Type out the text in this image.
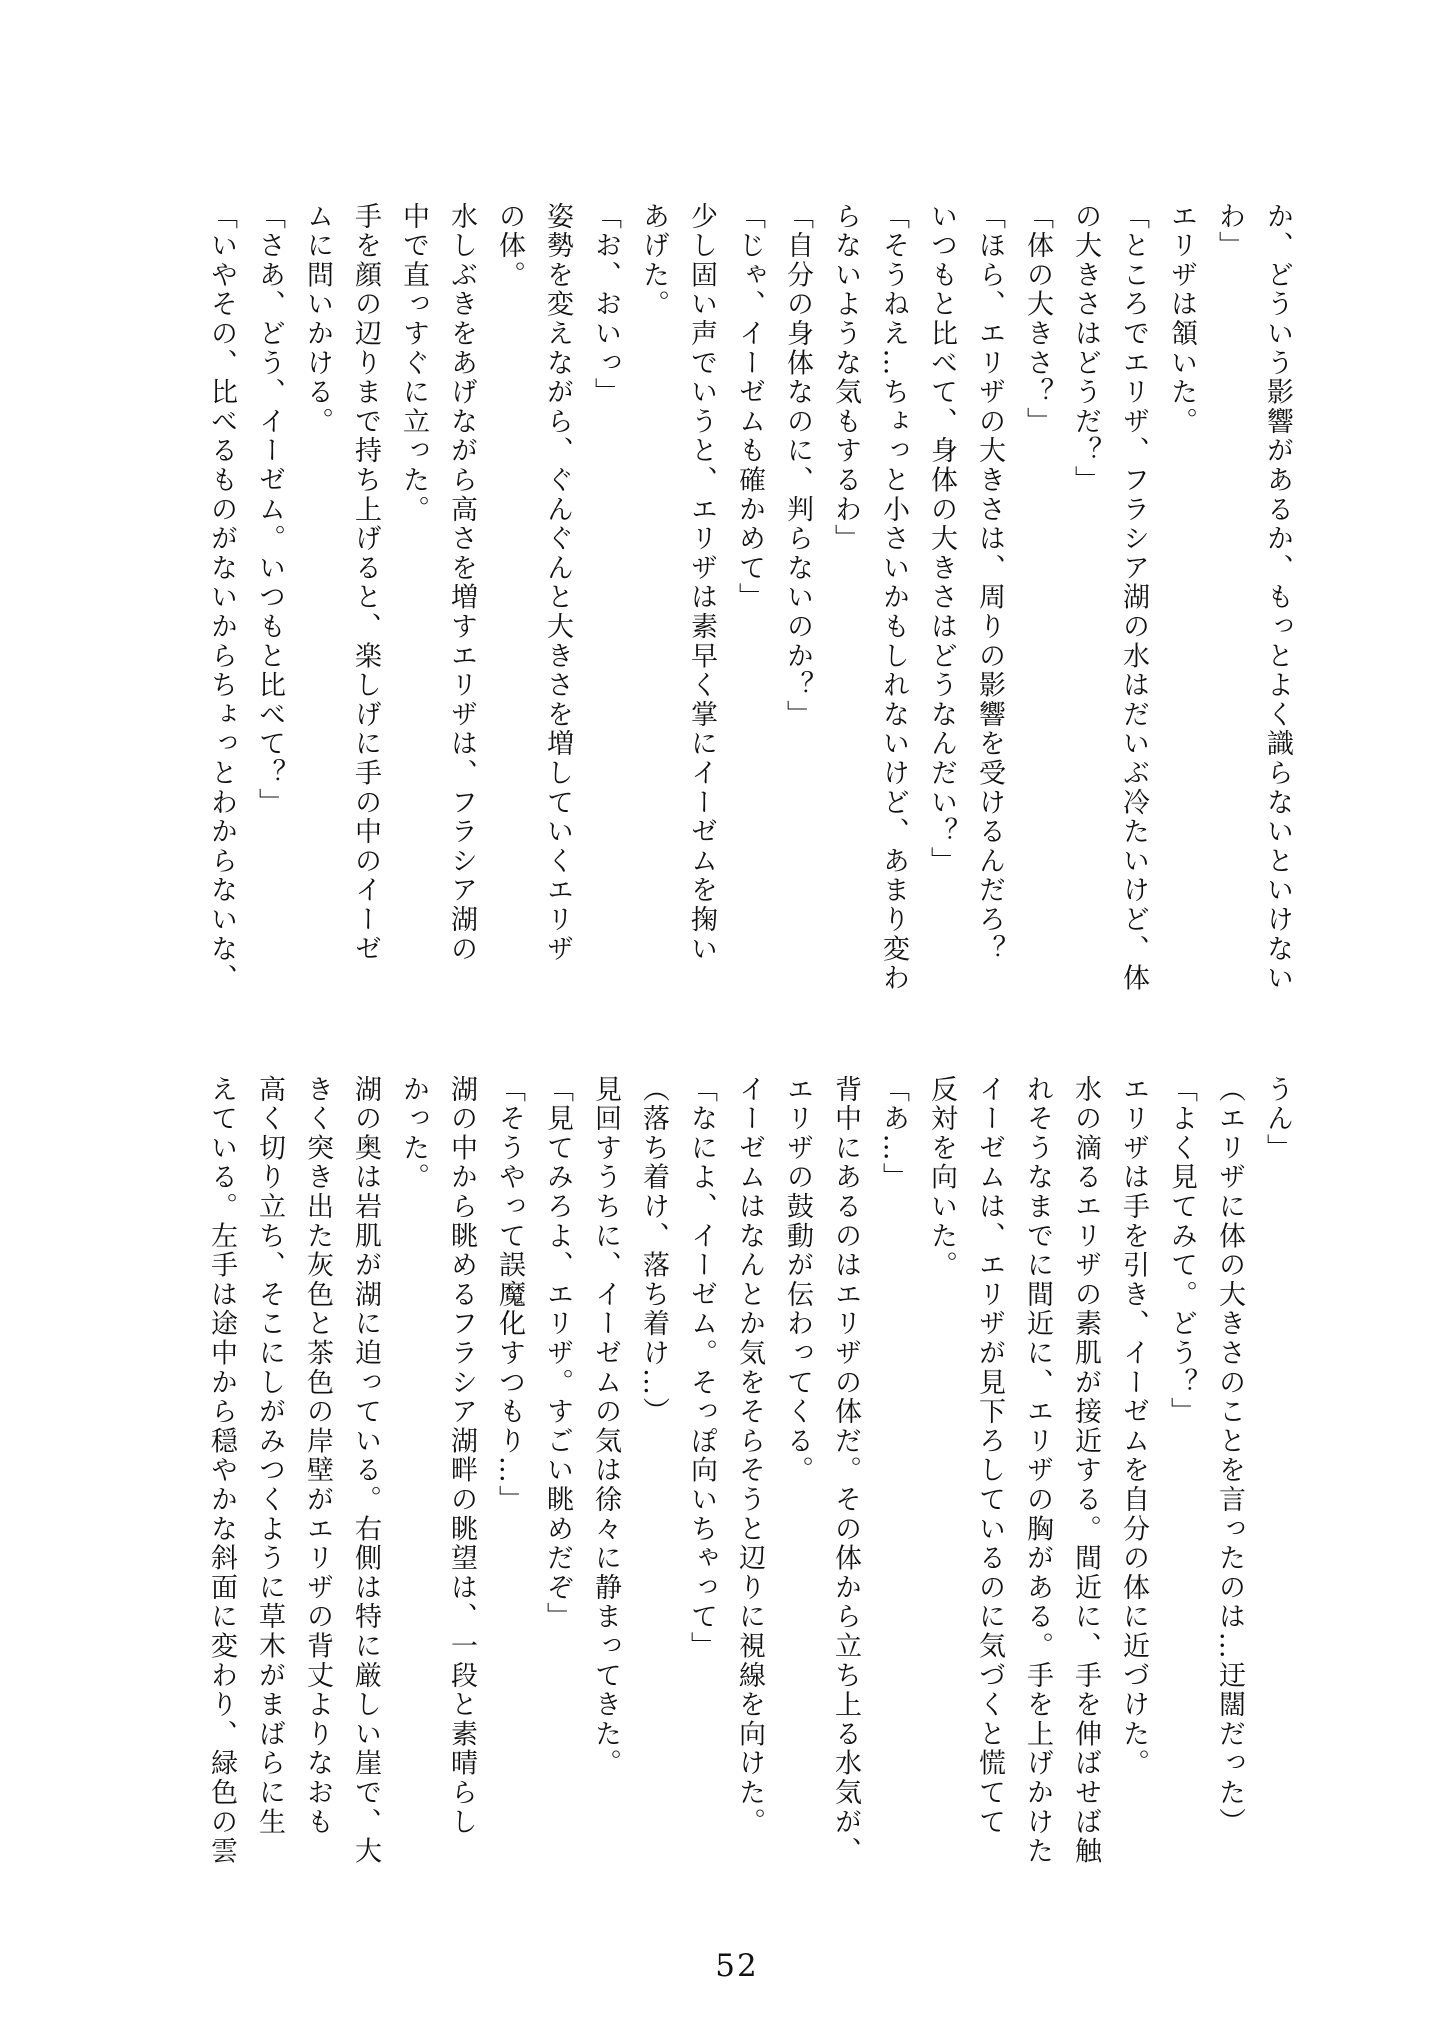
か、どういう影響があるか、もっとよく識らないといけない
わ」
エリザは頷いた。
「ところでエリザ、フラシア湖の水はだいぶ冷たいけど、体
の大きさはどうだ？」
「体の大きさ？」
「ほら、エリザの大きさは、周りの影響を受けるんだろ？
いつもと比べて、身体の大きさはどうなんだい？」
「そうねえ…ちょっと小さいかもしれないけど、あまり変わ
らないような気もするわ」
「自分の身体なのに、判らないのか？」
「じゃ、イーゼムも確かめて」
少し固い声でいうと、エリザは素早く掌にイーゼムを掬い
あげた。
「お、おいっ」
姿勢を変えながら、ぐんぐんと大きさを増していくエリザ
の体。
水しぶきをあげながら高さを増すエリザは、フラシア湖の
中で直っすぐに立った。
手を顔の辺りまで持ち上げると、楽しげに手の中のイーゼ
ムに問いかける。
「さあ、どう、イーゼム。いつもと比べて？」
「いやその、比べるものがないからちょっとわからないな、
うん」
（エリザに体の大きさのことを言ったのは…迂闊だった）
「よく見てみて。どう？」
エリザは手を引き、イーゼムを自分の体に近づけた。
水の滴るエリザの素肌が接近する。間近に、手を伸ばせば触
れそうなまでに間近に、エリザの胸がある。手を上げかけた
イーゼムは、エリザが見下ろしているのに気づくと慌てて
反対を向いた。
「あ…」
背中にあるのはエリザの体だ。その体から立ち上る水気が、
エリザの鼓動が伝わってくる。
イーゼムはなんとか気をそらそうと辺りに視線を向けた。
「なによ、イーゼム。そっぽ向いちゃって」
（落ち着け、落ち着け…）
見回すうちに、イーゼムの気は徐々に静まってきた。
「見てみろよ、エリザ。すごい眺めだぞ」
「そうやって誤魔化すつもり…」
湖の中から眺めるフラシア湖畔の眺望は、一段と素晴らし
かった。
湖の奥は岩肌が湖に迫っている。右側は特に厳しい崖で、大
きく突き出た灰色と茶色の岸壁がエリザの背丈よりなおも
高く切り立ち、そこにしがみつくように草木がまばらに生
えている。左手は途中から穏やかな斜面に変わり、緑色の雲
52
